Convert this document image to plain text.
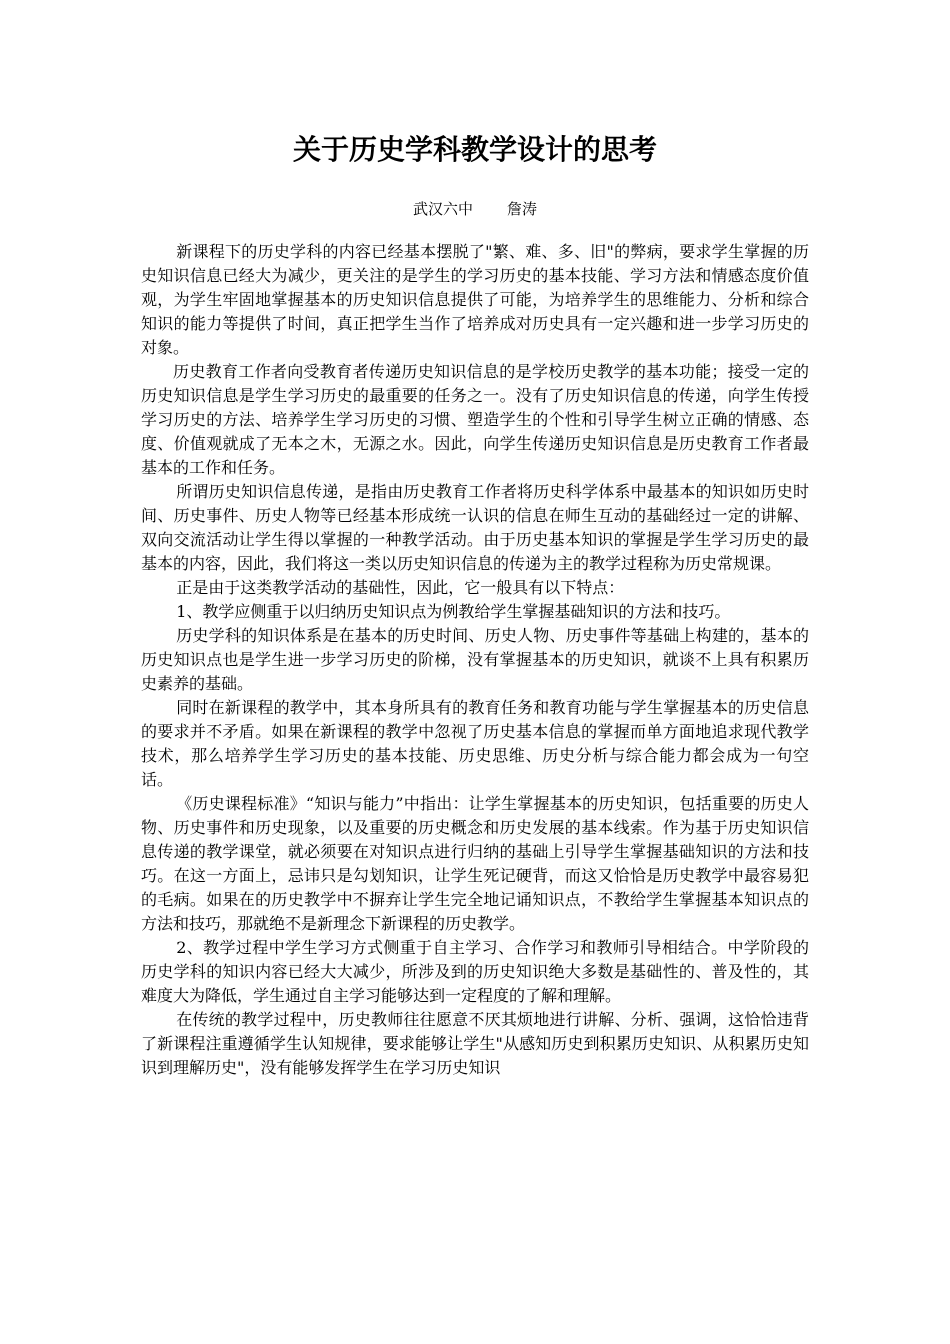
关于历史学科教学设计的思考
武汉六中 詹涛

新课程下的历史学科的内容已经基本摆脱了"繁、难、多、旧"的弊病，要求学生掌握的历史知识信息已经大为减少，更关注的是学生的学习历史的基本技能、学习方法和情感态度价值观，为学生牢固地掌握基本的历史知识信息提供了可能，为培养学生的思维能力、分析和综合知识的能力等提供了时间，真正把学生当作了培养成对历史具有一定兴趣和进一步学习历史的对象。

历史教育工作者向受教育者传递历史知识信息的是学校历史教学的基本功能；接受一定的历史知识信息是学生学习历史的最重要的任务之一。没有了历史知识信息的传递，向学生传授学习历史的方法、培养学生学习历史的习惯、塑造学生的个性和引导学生树立正确的情感、态度、价值观就成了无本之木，无源之水。因此，向学生传递历史知识信息是历史教育工作者最基本的工作和任务。

所谓历史知识信息传递，是指由历史教育工作者将历史科学体系中最基本的知识如历史时间、历史事件、历史人物等已经基本形成统一认识的信息在师生互动的基础经过一定的讲解、双向交流活动让学生得以掌握的一种教学活动。由于历史基本知识的掌握是学生学习历史的最基本的内容，因此，我们将这一类以历史知识信息的传递为主的教学过程称为历史常规课。

正是由于这类教学活动的基础性，因此，它一般具有以下特点：

1、教学应侧重于以归纳历史知识点为例教给学生掌握基础知识的方法和技巧。

历史学科的知识体系是在基本的历史时间、历史人物、历史事件等基础上构建的，基本的历史知识点也是学生进一步学习历史的阶梯，没有掌握基本的历史知识，就谈不上具有积累历史素养的基础。

同时在新课程的教学中，其本身所具有的教育任务和教育功能与学生掌握基本的历史信息的要求并不矛盾。如果在新课程的教学中忽视了历史基本信息的掌握而单方面地追求现代教学技术，那么培养学生学习历史的基本技能、历史思维、历史分析与综合能力都会成为一句空话。

《历史课程标准》“知识与能力”中指出：让学生掌握基本的历史知识，包括重要的历史人物、历史事件和历史现象，以及重要的历史概念和历史发展的基本线索。作为基于历史知识信息传递的教学课堂，就必须要在对知识点进行归纳的基础上引导学生掌握基础知识的方法和技巧。在这一方面上，忌讳只是勾划知识，让学生死记硬背，而这又恰恰是历史教学中最容易犯的毛病。如果在的历史教学中不摒弃让学生完全地记诵知识点，不教给学生掌握基本知识点的方法和技巧，那就绝不是新理念下新课程的历史教学。

2、教学过程中学生学习方式侧重于自主学习、合作学习和教师引导相结合。中学阶段的历史学科的知识内容已经大大减少，所涉及到的历史知识绝大多数是基础性的、普及性的，其难度大为降低，学生通过自主学习能够达到一定程度的了解和理解。

在传统的教学过程中，历史教师往往愿意不厌其烦地进行讲解、分析、强调，这恰恰违背了新课程注重遵循学生认知规律，要求能够让学生"从感知历史到积累历史知识、从积累历史知识到理解历史"，没有能够发挥学生在学习历史知识
